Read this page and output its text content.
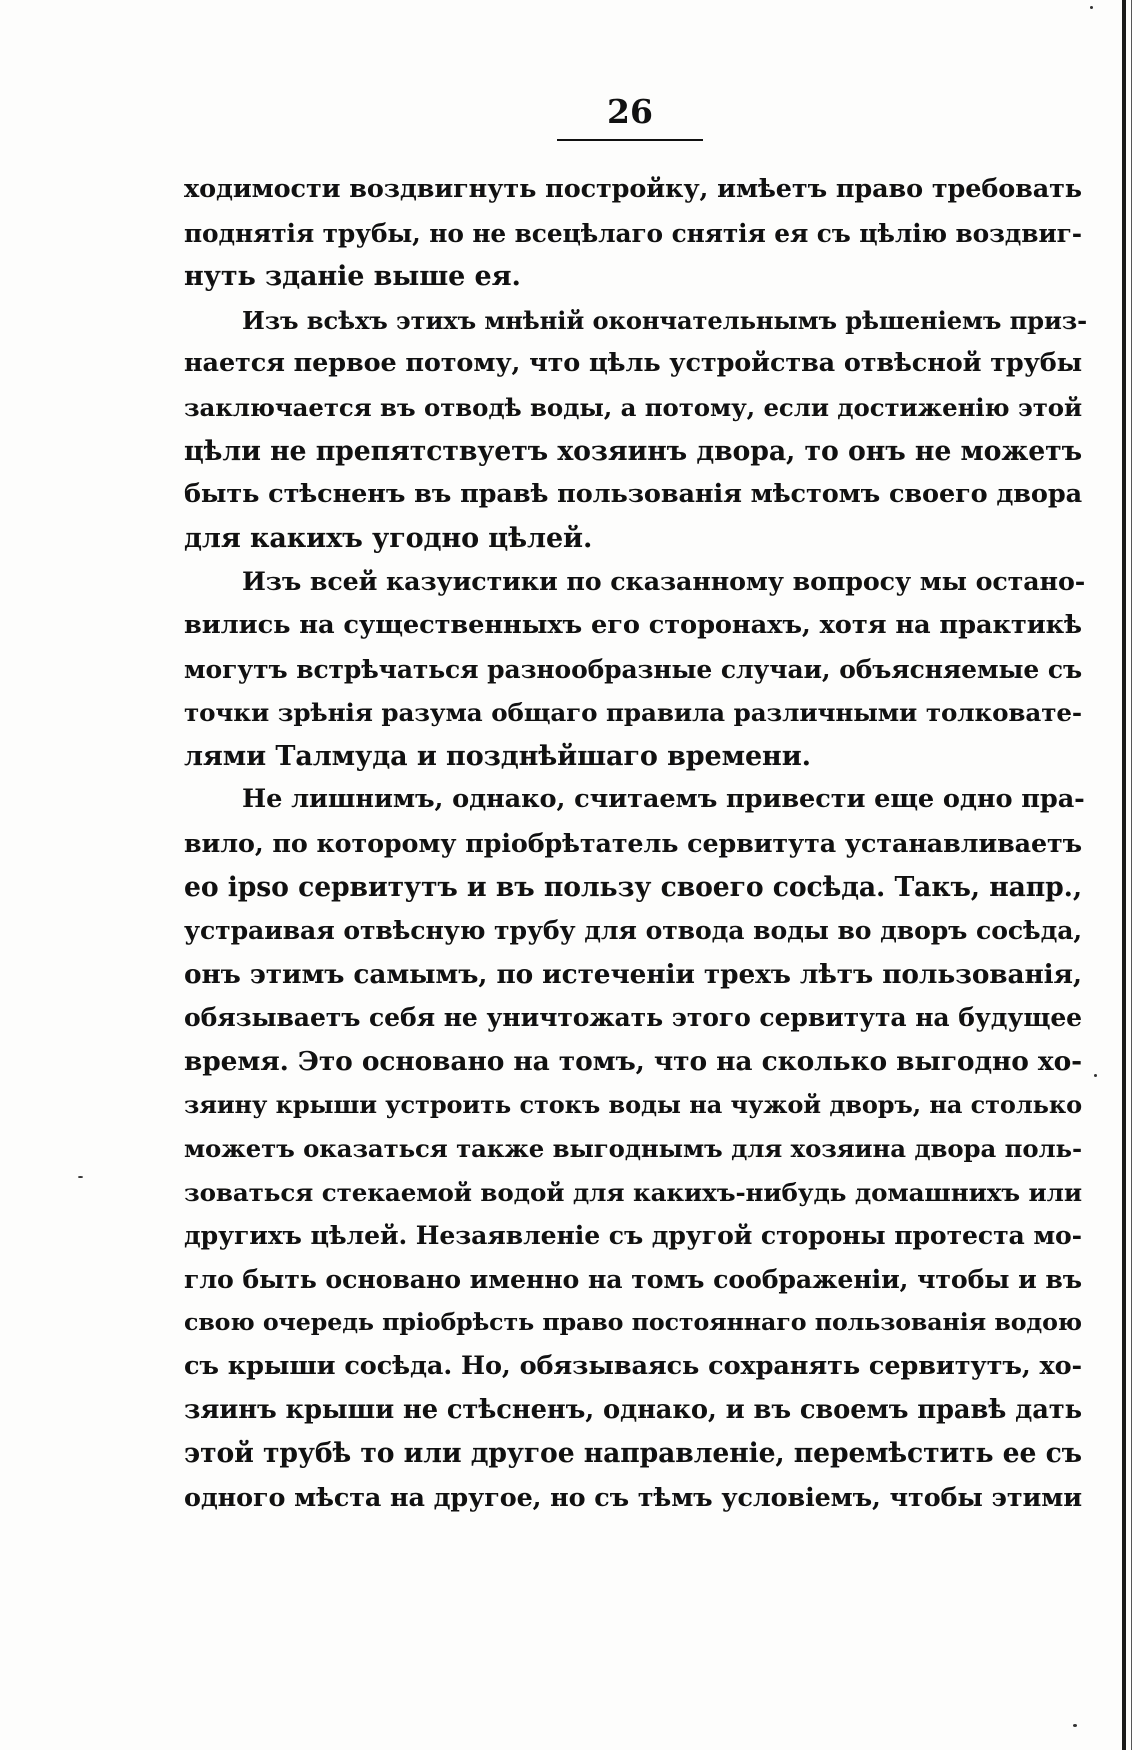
26

ходимости воздвигнуть постройку, имѣетъ право требовать
поднятія трубы, но не всецѣлаго снятія ея съ цѣлію воздвиг-
нуть зданіе выше ея.

Изъ всѣхъ этихъ мнѣній окончательнымъ рѣшеніемъ приз-
нается первое потому, что цѣль устройства отвѣсной трубы
заключается въ отводѣ воды, а потому, если достиженію этой
цѣли не препятствуетъ хозяинъ двора, то онъ не можетъ
быть стѣсненъ въ правѣ пользованія мѣстомъ своего двора
для какихъ угодно цѣлей.

Изъ всей казуистики по сказанному вопросу мы остано-
вились на существенныхъ его сторонахъ, хотя на практикѣ
могутъ встрѣчаться разнообразные случаи, объясняемые съ
точки зрѣнія разума общаго правила различными толковате-
лями Талмуда и позднѣйшаго времени.

Не лишнимъ, однако, считаемъ привести еще одно пра-
вило, по которому пріобрѣтатель сервитута устанавливаетъ
eo ipso сервитутъ и въ пользу своего сосѣда. Такъ, напр.,
устраивая отвѣсную трубу для отвода воды во дворъ сосѣда,
онъ этимъ самымъ, по истеченіи трехъ лѣтъ пользованія,
обязываетъ себя не уничтожать этого сервитута на будущее
время. Это основано на томъ, что на сколько выгодно хо-
зяину крыши устроить стокъ воды на чужой дворъ, на столько
можетъ оказаться также выгоднымъ для хозяина двора поль-
зоваться стекаемой водой для какихъ-нибудь домашнихъ или
другихъ цѣлей. Незаявленіе съ другой стороны протеста мо-
гло быть основано именно на томъ соображеніи, чтобы и въ
свою очередь пріобрѣсть право постояннаго пользованія водою
съ крыши сосѣда. Но, обязываясь сохранять сервитутъ, хо-
зяинъ крыши не стѣсненъ, однако, и въ своемъ правѣ дать
этой трубѣ то или другое направленіе, перемѣстить ее съ
одного мѣста на другое, но съ тѣмъ условіемъ, чтобы этими
